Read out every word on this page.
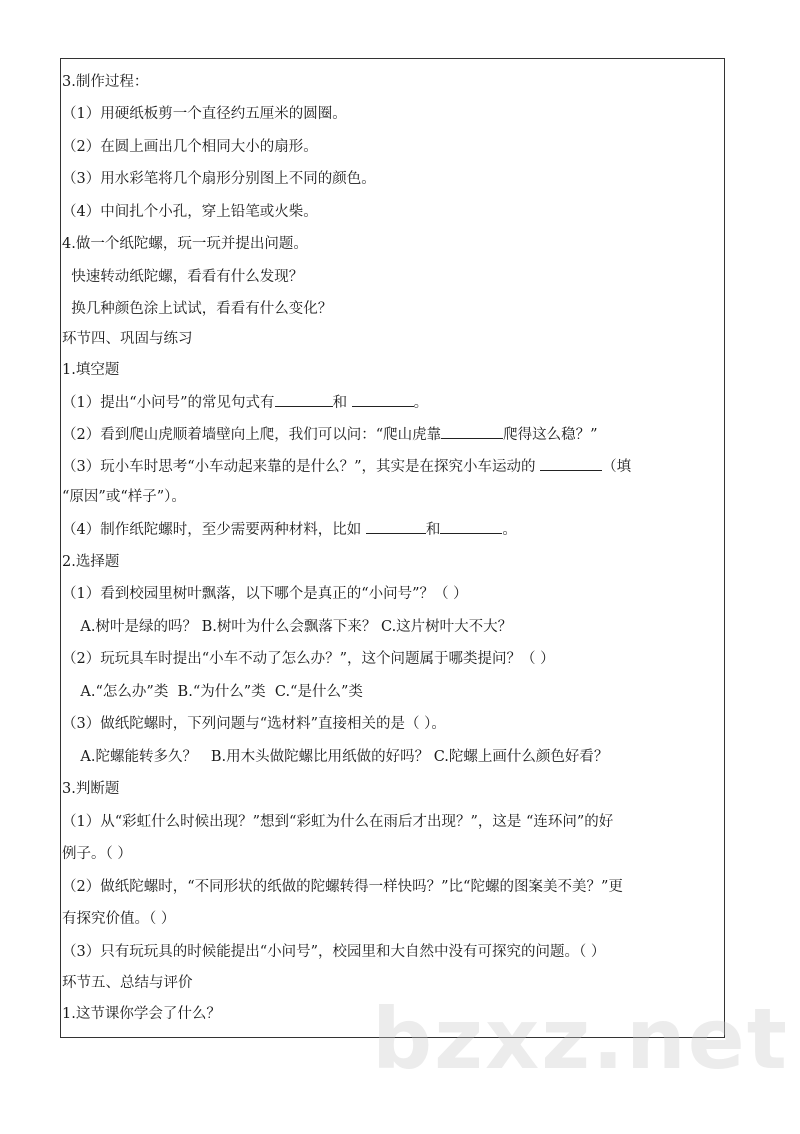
3.制作过程：
（1）用硬纸板剪一个直径约五厘米的圆圈。
（2）在圆上画出几个相同大小的扇形。
（3）用水彩笔将几个扇形分别图上不同的颜色。
（4）中间扎个小孔，穿上铅笔或火柴。
4.做一个纸陀螺，玩一玩并提出问题。
快速转动纸陀螺，看看有什么发现？
换几种颜色涂上试试，看看有什么变化？
环节四、巩固与练习
1.填空题
（1）提出“小问号”的常见句式有	和	。
（2）看到爬山虎顺着墙壁向上爬，我们可以问：“爬山虎靠	爬得这么稳？”
（3）玩小车时思考“小车动起来靠的是什么？”，其实是在探究小车运动的	（填
“原因”或“样子”）。
（4）制作纸陀螺时，至少需要两种材料，比如	和	。
2.选择题
（1）看到校园里树叶飘落，以下哪个是真正的“小问号”？（ ）
A.树叶是绿的吗？ B.树叶为什么会飘落下来？ C.这片树叶大不大？
（2）玩玩具车时提出“小车不动了怎么办？”，这个问题属于哪类提问？（ ）
A.“怎么办”类  B.“为什么”类  C.“是什么”类
（3）做纸陀螺时，下列问题与“选材料”直接相关的是（ ）。
A.陀螺能转多久？   B.用木头做陀螺比用纸做的好吗？ C.陀螺上画什么颜色好看？
3.判断题
（1）从“彩虹什么时候出现？”想到“彩虹为什么在雨后才出现？”，这是 “连环问”的好
例子。（ ）
（2）做纸陀螺时，“不同形状的纸做的陀螺转得一样快吗？”比“陀螺的图案美不美？”更
有探究价值。（ ）
（3）只有玩玩具的时候能提出“小问号”，校园里和大自然中没有可探究的问题。（ ）
环节五、总结与评价
1.这节课你学会了什么？ bzxz.net
